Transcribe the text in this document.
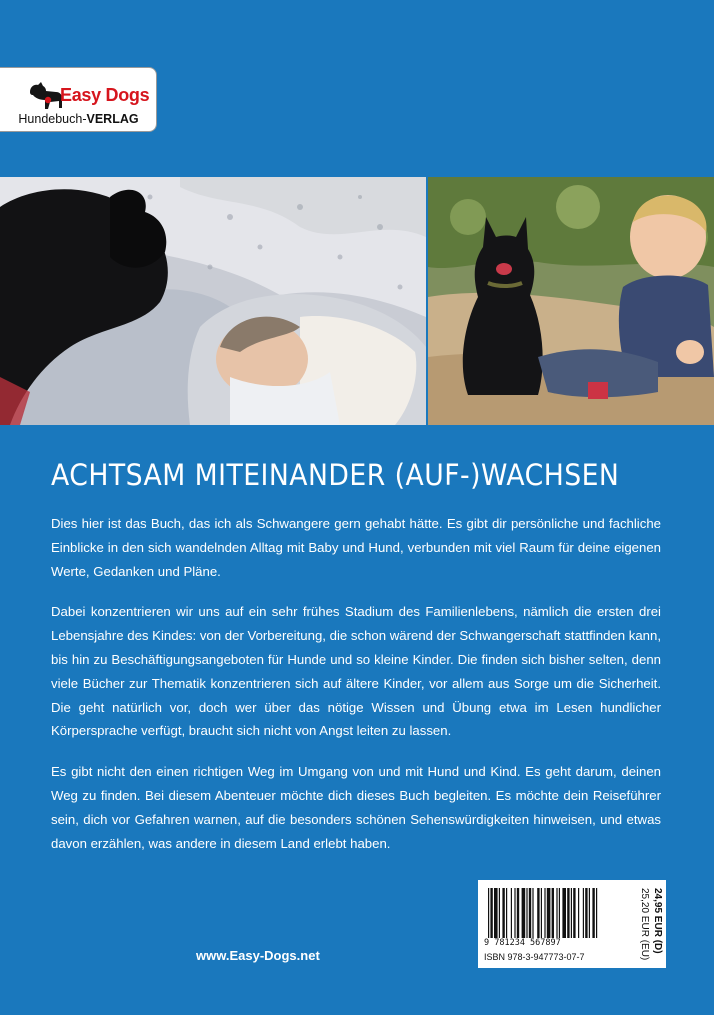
Easy Dogs
Hundebuch-VERLAG
ACHTSAM MITEINANDER (AUF-)WACHSEN

Dies hier ist das Buch, das ich als Schwangere gern gehabt hätte. Es gibt dir persönliche und fachliche Einblicke in den sich wandelnden Alltag mit Baby und Hund, verbunden mit viel Raum für deine eigenen Werte, Gedanken und Pläne.

Dabei konzentrieren wir uns auf ein sehr frühes Stadium des Familienlebens, nämlich die ersten drei Lebensjahre des Kindes: von der Vorbereitung, die schon wärend der Schwangerschaft stattfinden kann, bis hin zu Beschäftigungsangeboten für Hunde und so kleine Kinder. Die finden sich bisher selten, denn viele Bücher zur Thematik konzentrieren sich auf ältere Kinder, vor allem aus Sorge um die Sicherheit. Die geht natürlich vor, doch wer über das nötige Wissen und Übung etwa im Lesen hundlicher Körpersprache verfügt, braucht sich nicht von Angst leiten zu lassen.

Es gibt nicht den einen richtigen Weg im Umgang von und mit Hund und Kind. Es geht darum, deinen Weg zu finden. Bei diesem Abenteuer möchte dich dieses Buch begleiten. Es möchte dein Reiseführer sein, dich vor Gefahren warnen, auf die besonders schönen Sehenswürdigkeiten hinweisen, und etwas davon erzählen, was andere in diesem Land erlebt haben.

www.Easy-Dogs.net
9 781234 567897
ISBN 978-3-947773-07-7
24,95 EUR (D)
25,20 EUR (EU)
